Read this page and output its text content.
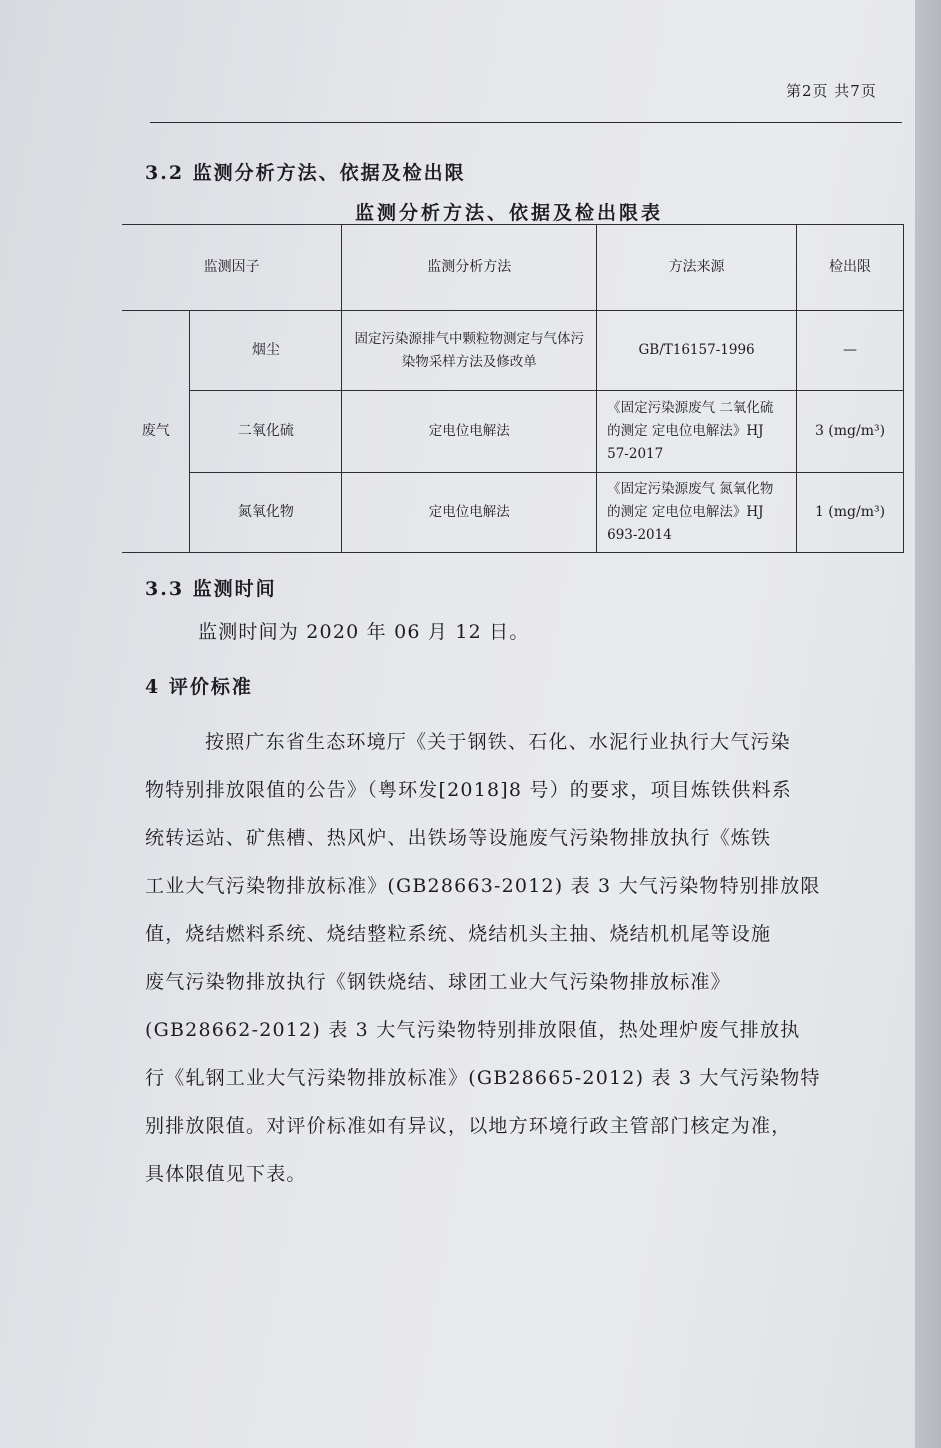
第2页 共7页
3.2 监测分析方法、依据及检出限
监测分析方法、依据及检出限表
监测因子		监测分析方法	方法来源	检出限
废气	烟尘	固定污染源排气中颗粒物测定与气体污染物采样方法及修改单	GB/T16157-1996	—
	二氧化硫	定电位电解法	《固定污染源废气 二氧化硫的测定 定电位电解法》HJ 57-2017	3 (mg/m³)
	氮氧化物	定电位电解法	《固定污染源废气 氮氧化物的测定 定电位电解法》HJ 693-2014	1 (mg/m³)
3.3 监测时间
监测时间为 2020 年 06 月 12 日。
4 评价标准
按照广东省生态环境厅《关于钢铁、石化、水泥行业执行大气污染
物特别排放限值的公告》（粤环发[2018]8 号）的要求，项目炼铁供料系
统转运站、矿焦槽、热风炉、出铁场等设施废气污染物排放执行《炼铁
工业大气污染物排放标准》(GB28663-2012) 表 3 大气污染物特别排放限
值，烧结燃料系统、烧结整粒系统、烧结机头主抽、烧结机机尾等设施
废气污染物排放执行《钢铁烧结、球团工业大气污染物排放标准》
(GB28662-2012) 表 3 大气污染物特别排放限值，热处理炉废气排放执
行《轧钢工业大气污染物排放标准》(GB28665-2012) 表 3 大气污染物特
别排放限值。对评价标准如有异议，以地方环境行政主管部门核定为准，
具体限值见下表。
